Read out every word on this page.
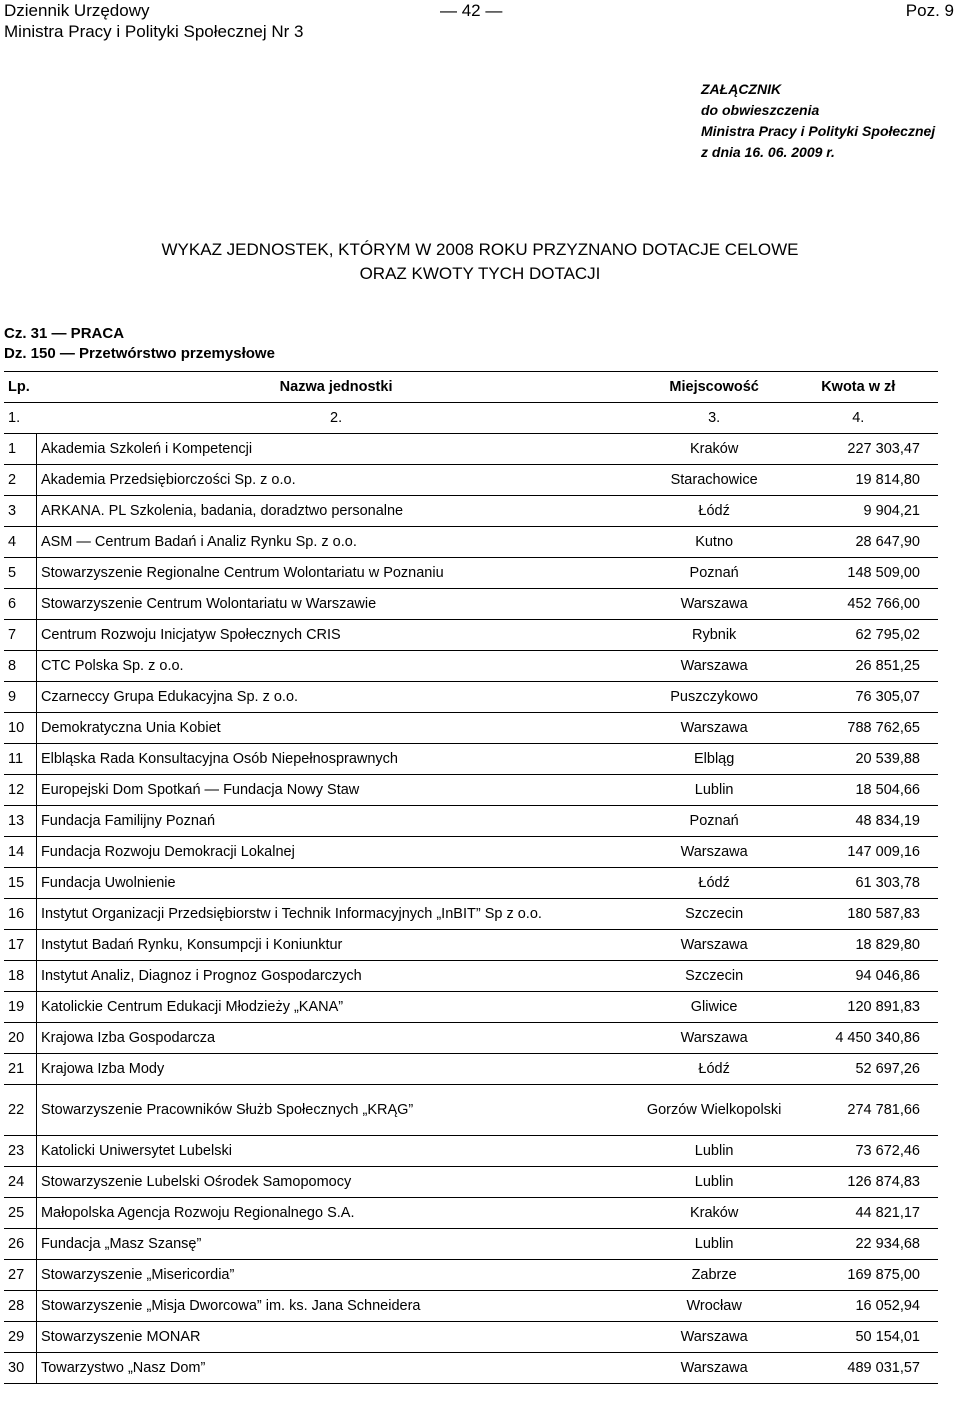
Dziennik Urzędowy
Ministra Pracy i Polityki Społecznej Nr 3
— 42 —	Poz. 9
ZAŁĄCZNIK
do obwieszczenia
Ministra Pracy i Polityki Społecznej
z dnia 16. 06. 2009 r.
WYKAZ JEDNOSTEK, KTÓRYM W 2008 ROKU PRZYZNANO DOTACJE CELOWE
ORAZ KWOTY TYCH DOTACJI
Cz. 31 — PRACA
Dz. 150 — Przetwórstwo przemysłowe
Lp.	Nazwa jednostki	Miejscowość	Kwota w zł
1.	2.	3.	4.
1	Akademia Szkoleń i Kompetencji	Kraków	227 303,47
2	Akademia Przedsiębiorczości Sp. z o.o.	Starachowice	19 814,80
3	ARKANA. PL Szkolenia, badania, doradztwo personalne	Łódź	9 904,21
4	ASM — Centrum Badań i Analiz Rynku Sp. z o.o.	Kutno	28 647,90
5	Stowarzyszenie Regionalne Centrum Wolontariatu w Poznaniu	Poznań	148 509,00
6	Stowarzyszenie Centrum Wolontariatu w Warszawie	Warszawa	452 766,00
7	Centrum Rozwoju Inicjatyw Społecznych CRIS	Rybnik	62 795,02
8	CTC Polska Sp. z o.o.	Warszawa	26 851,25
9	Czarneccy Grupa Edukacyjna Sp. z o.o.	Puszczykowo	76 305,07
10	Demokratyczna Unia Kobiet	Warszawa	788 762,65
11	Elbląska Rada Konsultacyjna Osób Niepełnosprawnych	Elbląg	20 539,88
12	Europejski Dom Spotkań — Fundacja Nowy Staw	Lublin	18 504,66
13	Fundacja Familijny Poznań	Poznań	48 834,19
14	Fundacja Rozwoju Demokracji Lokalnej	Warszawa	147 009,16
15	Fundacja Uwolnienie	Łódź	61 303,78
16	Instytut Organizacji Przedsiębiorstw i Technik Informacyjnych „InBIT” Sp z o.o.	Szczecin	180 587,83
17	Instytut Badań Rynku, Konsumpcji i Koniunktur	Warszawa	18 829,80
18	Instytut Analiz, Diagnoz i Prognoz Gospodarczych	Szczecin	94 046,86
19	Katolickie Centrum Edukacji Młodzieży „KANA”	Gliwice	120 891,83
20	Krajowa Izba Gospodarcza	Warszawa	4 450 340,86
21	Krajowa Izba Mody	Łódź	52 697,26
22	Stowarzyszenie Pracowników Służb Społecznych „KRĄG”	Gorzów Wielkopolski	274 781,66
23	Katolicki Uniwersytet Lubelski	Lublin	73 672,46
24	Stowarzyszenie Lubelski Ośrodek Samopomocy	Lublin	126 874,83
25	Małopolska Agencja Rozwoju Regionalnego S.A.	Kraków	44 821,17
26	Fundacja „Masz Szansę”	Lublin	22 934,68
27	Stowarzyszenie „Misericordia”	Zabrze	169 875,00
28	Stowarzyszenie „Misja Dworcowa” im. ks. Jana Schneidera	Wrocław	16 052,94
29	Stowarzyszenie MONAR	Warszawa	50 154,01
30	Towarzystwo „Nasz Dom”	Warszawa	489 031,57
